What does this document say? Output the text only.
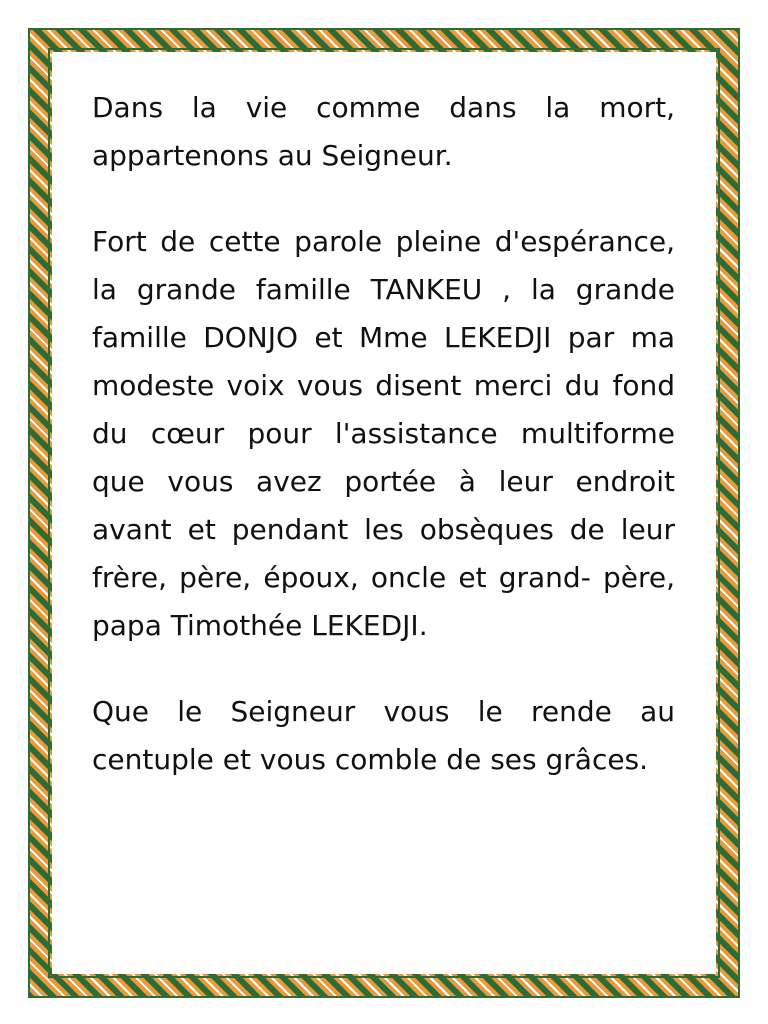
Dans la vie comme dans la mort, appartenons au Seigneur.

Fort de cette parole pleine d'espérance, la grande famille TANKEU , la grande famille DONJO et Mme LEKEDJI par ma modeste voix vous disent merci du fond du cœur pour l'assistance multiforme que vous avez portée à leur endroit avant et pendant les obsèques de leur frère, père, époux, oncle et grand- père, papa Timothée LEKEDJI.

Que le Seigneur vous le rende au centuple et vous comble de ses grâces.
